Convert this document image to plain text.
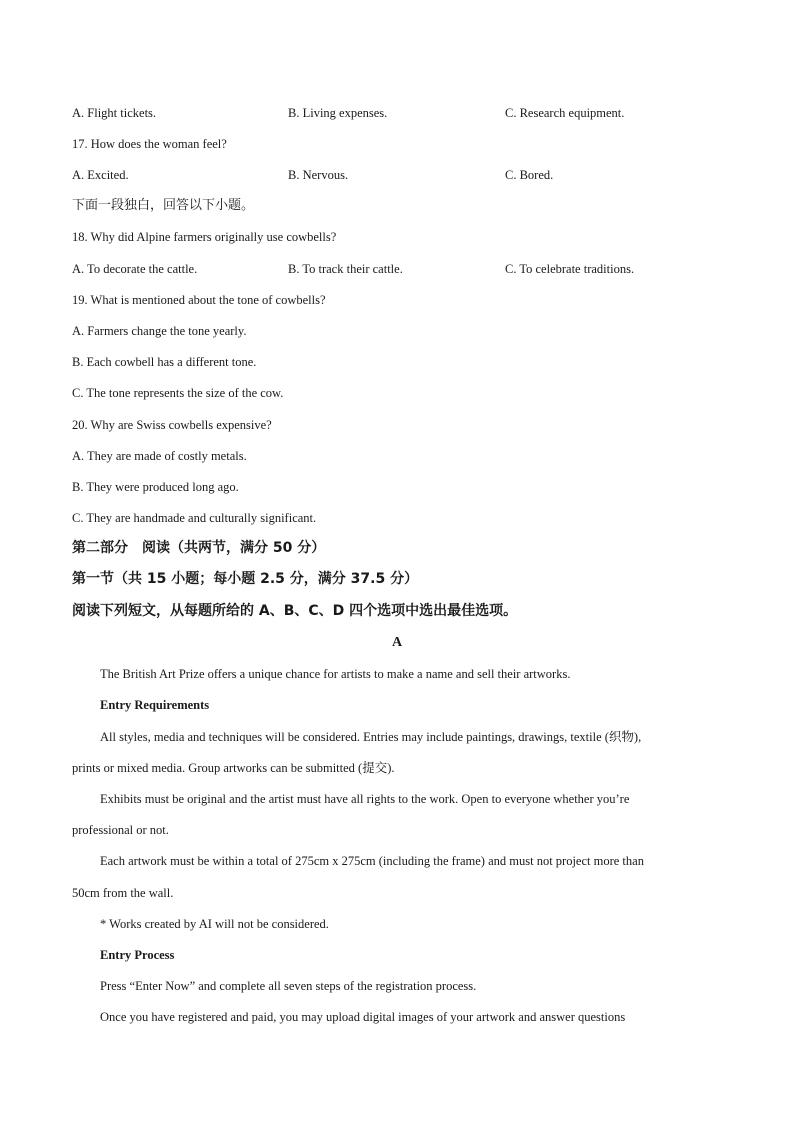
A. Flight tickets.	B. Living expenses.	C. Research equipment.
17. How does the woman feel?
A. Excited.	B. Nervous.	C. Bored.
下面一段独白，回答以下小题。
18. Why did Alpine farmers originally use cowbells?
A. To decorate the cattle.	B. To track their cattle.	C. To celebrate traditions.
19. What is mentioned about the tone of cowbells?
A. Farmers change the tone yearly.
B. Each cowbell has a different tone.
C. The tone represents the size of the cow.
20. Why are Swiss cowbells expensive?
A. They are made of costly metals.
B. They were produced long ago.
C. They are handmade and culturally significant.
第二部分　阅读（共两节，满分 50 分）
第一节（共 15 小题；每小题 2.5 分，满分 37.5 分）
阅读下列短文，从每题所给的 A、B、C、D 四个选项中选出最佳选项。
A
The British Art Prize offers a unique chance for artists to make a name and sell their artworks.
Entry Requirements
All styles, media and techniques will be considered. Entries may include paintings, drawings, textile (织物),
prints or mixed media. Group artworks can be submitted (提交).
Exhibits must be original and the artist must have all rights to the work. Open to everyone whether you’re
professional or not.
Each artwork must be within a total of 275cm x 275cm (including the frame) and must not project more than
50cm from the wall.
* Works created by AI will not be considered.
Entry Process
Press “Enter Now” and complete all seven steps of the registration process.
Once you have registered and paid, you may upload digital images of your artwork and answer questions
